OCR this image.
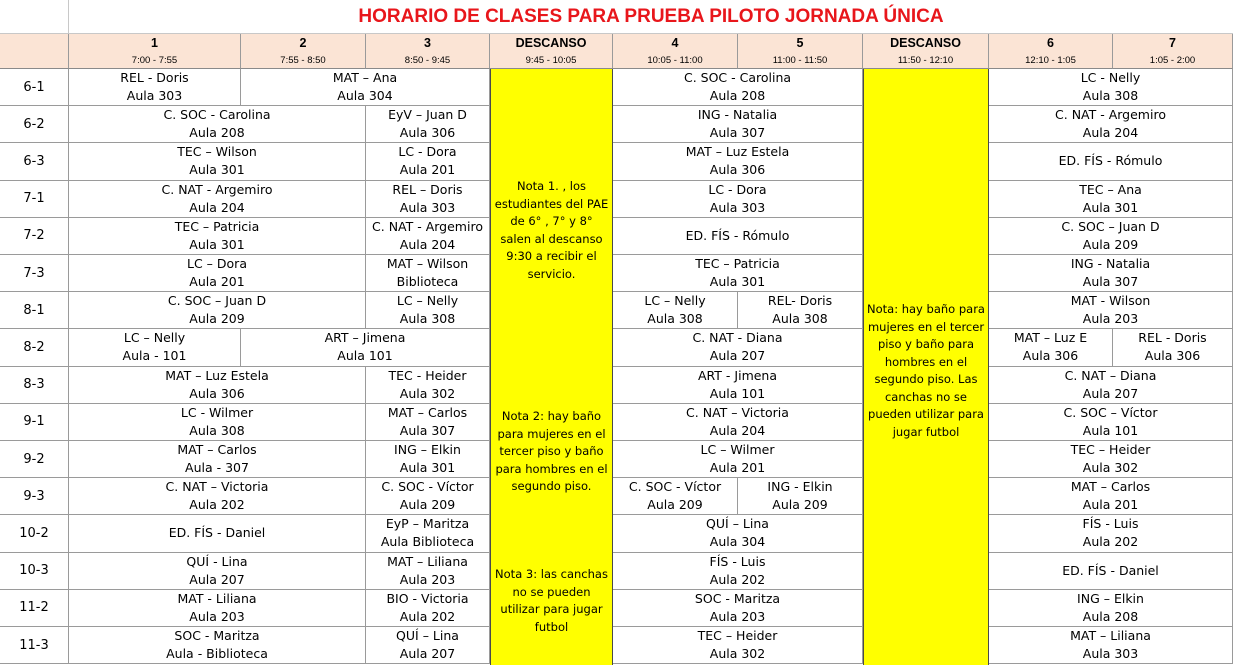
HORARIO DE CLASES PARA PRUEBA PILOTO JORNADA ÚNICA
1
7:00 - 7:55
2
7:55 - 8:50
3
8:50 - 9:45
DESCANSO
9:45 - 10:05
4
10:05 - 11:00
5
11:00 - 11:50
DESCANSO
11:50 - 12:10
6
12:10 - 1:05
7
1:05 - 2:00
6-1
REL - Doris
Aula 303
MAT – Ana
Aula 304
C. SOC - Carolina
Aula 208
LC - Nelly
Aula 308
6-2
C. SOC - Carolina
Aula 208
EyV – Juan D
Aula 306
ING - Natalia
Aula 307
C. NAT - Argemiro
Aula 204
6-3
TEC – Wilson
Aula 301
LC - Dora
Aula 201
MAT – Luz Estela
Aula 306
ED. FÍS - Rómulo
7-1
C. NAT - Argemiro
Aula 204
REL – Doris
Aula 303
LC - Dora
Aula 303
TEC – Ana
Aula 301
7-2
TEC – Patricia
Aula 301
C. NAT - Argemiro
Aula 204
ED. FÍS - Rómulo
C. SOC – Juan D
Aula 209
7-3
LC – Dora
Aula 201
MAT – Wilson
Biblioteca
TEC – Patricia
Aula 301
ING - Natalia
Aula 307
8-1
C. SOC – Juan D
Aula 209
LC – Nelly
Aula 308
LC – Nelly
Aula 308
REL- Doris
Aula 308
MAT - Wilson
Aula 203
8-2
LC – Nelly
Aula - 101
ART – Jimena
Aula 101
C. NAT - Diana
Aula 207
MAT – Luz E
Aula 306
REL - Doris
Aula 306
8-3
MAT – Luz Estela
Aula 306
TEC - Heider
Aula 302
ART - Jimena
Aula 101
C. NAT – Diana
Aula 207
9-1
LC - Wilmer
Aula 308
MAT – Carlos
Aula 307
C. NAT – Victoria
Aula 204
C. SOC – Víctor
Aula 101
9-2
MAT – Carlos
Aula - 307
ING – Elkin
Aula 301
LC – Wilmer
Aula 201
TEC – Heider
Aula 302
9-3
C. NAT – Victoria
Aula 202
C. SOC - Víctor
Aula 209
C. SOC - Víctor
Aula 209
ING - Elkin
Aula 209
MAT – Carlos
Aula 201
10-2	ED. FÍS - Daniel
EyP – Maritza
Aula Biblioteca
QUÍ – Lina
Aula 304
FÍS - Luis
Aula 202
10-3
QUÍ - Lina
Aula 207
MAT – Liliana
Aula 203
FÍS - Luis
Aula 202
ED. FÍS - Daniel
11-2
MAT - Liliana
Aula 203
BIO - Victoria
Aula 202
SOC - Maritza
Aula 203
ING – Elkin
Aula 208
11-3
SOC - Maritza
Aula - Biblioteca
QUÍ – Lina
Aula 207
TEC – Heider
Aula 302
MAT – Liliana
Aula 303
Nota 1. , los estudiantes del PAE de 6° , 7° y 8° salen al descanso 9:30 a recibir el servicio.
Nota 2: hay baño para mujeres en el tercer piso y baño para hombres en el segundo piso.
Nota 3: las canchas no se pueden utilizar para jugar futbol
Nota: hay baño para mujeres en el tercer piso y baño para hombres en el segundo piso. Las canchas no se pueden utilizar para jugar futbol
